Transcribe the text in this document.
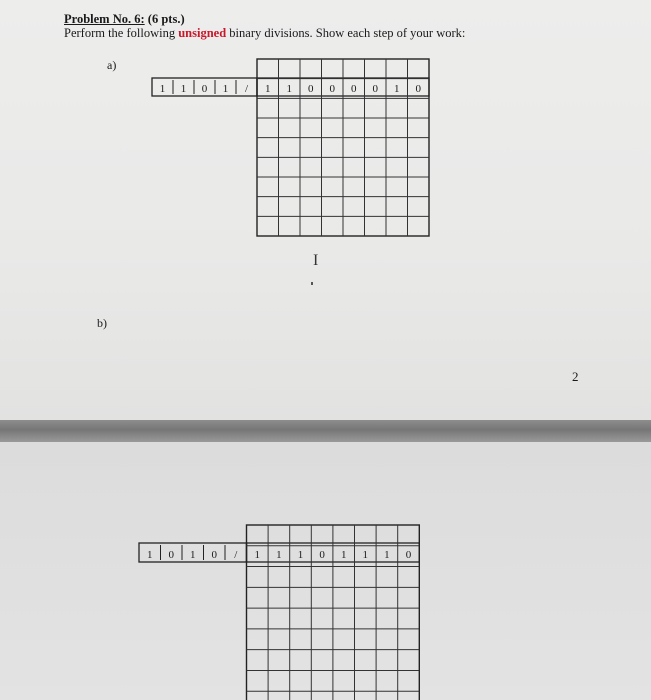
Problem No. 6: (6 pts.)
Perform the following unsigned binary divisions. Show each step of your work:
a)
1 1 0 1 / 1 1 0 0 0 0 1 0
I
b)
2
1 0 1 0 / 1 1 1 0 1 1 1 0
